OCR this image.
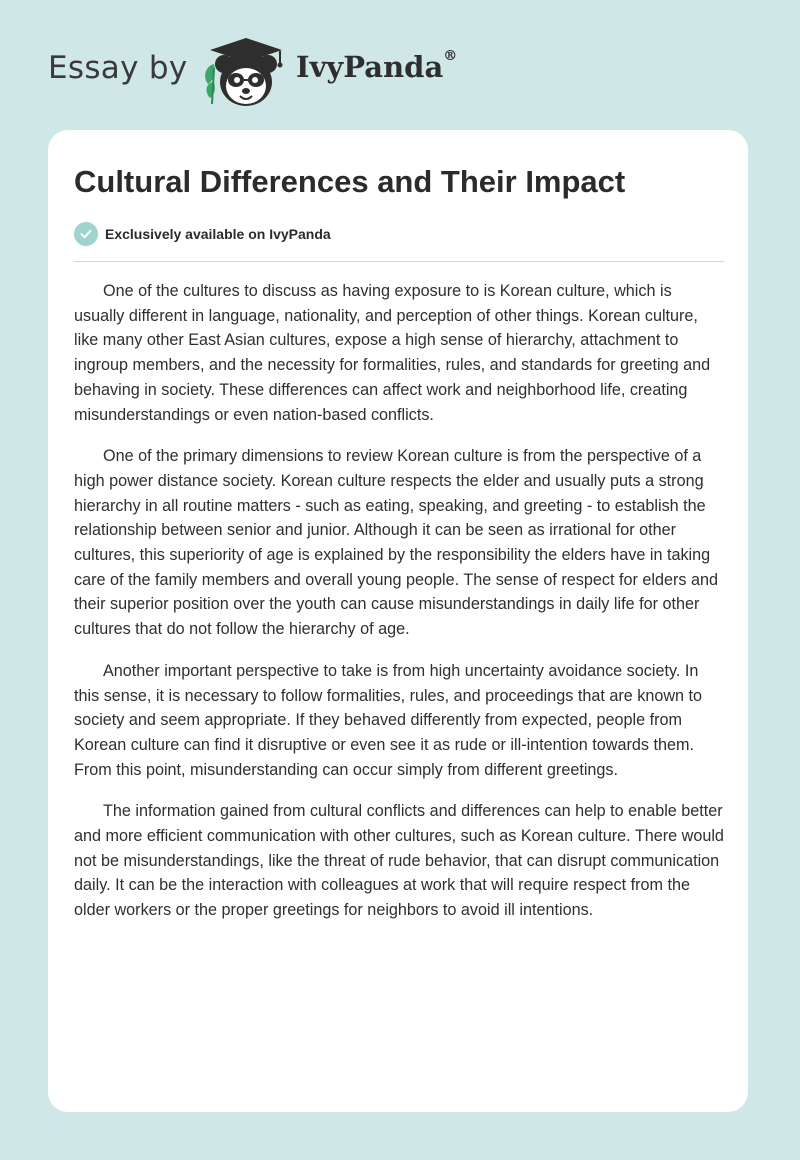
Essay by	IvyPanda®
Cultural Differences and Their Impact
Exclusively available on IvyPanda

One of the cultures to discuss as having exposure to is Korean culture, which is usually different in language, nationality, and perception of other things. Korean culture, like many other East Asian cultures, expose a high sense of hierarchy, attachment to ingroup members, and the necessity for formalities, rules, and standards for greeting and behaving in society. These differences can affect work and neighborhood life, creating misunderstandings or even nation-based conflicts.

One of the primary dimensions to review Korean culture is from the perspective of a high power distance society. Korean culture respects the elder and usually puts a strong hierarchy in all routine matters - such as eating, speaking, and greeting - to establish the relationship between senior and junior. Although it can be seen as irrational for other cultures, this superiority of age is explained by the responsibility the elders have in taking care of the family members and overall young people. The sense of respect for elders and their superior position over the youth can cause misunderstandings in daily life for other cultures that do not follow the hierarchy of age.

Another important perspective to take is from high uncertainty avoidance society. In this sense, it is necessary to follow formalities, rules, and proceedings that are known to society and seem appropriate. If they behaved differently from expected, people from Korean culture can find it disruptive or even see it as rude or ill-intention towards them. From this point, misunderstanding can occur simply from different greetings.

The information gained from cultural conflicts and differences can help to enable better and more efficient communication with other cultures, such as Korean culture. There would not be misunderstandings, like the threat of rude behavior, that can disrupt communication daily. It can be the interaction with colleagues at work that will require respect from the older workers or the proper greetings for neighbors to avoid ill intentions.
